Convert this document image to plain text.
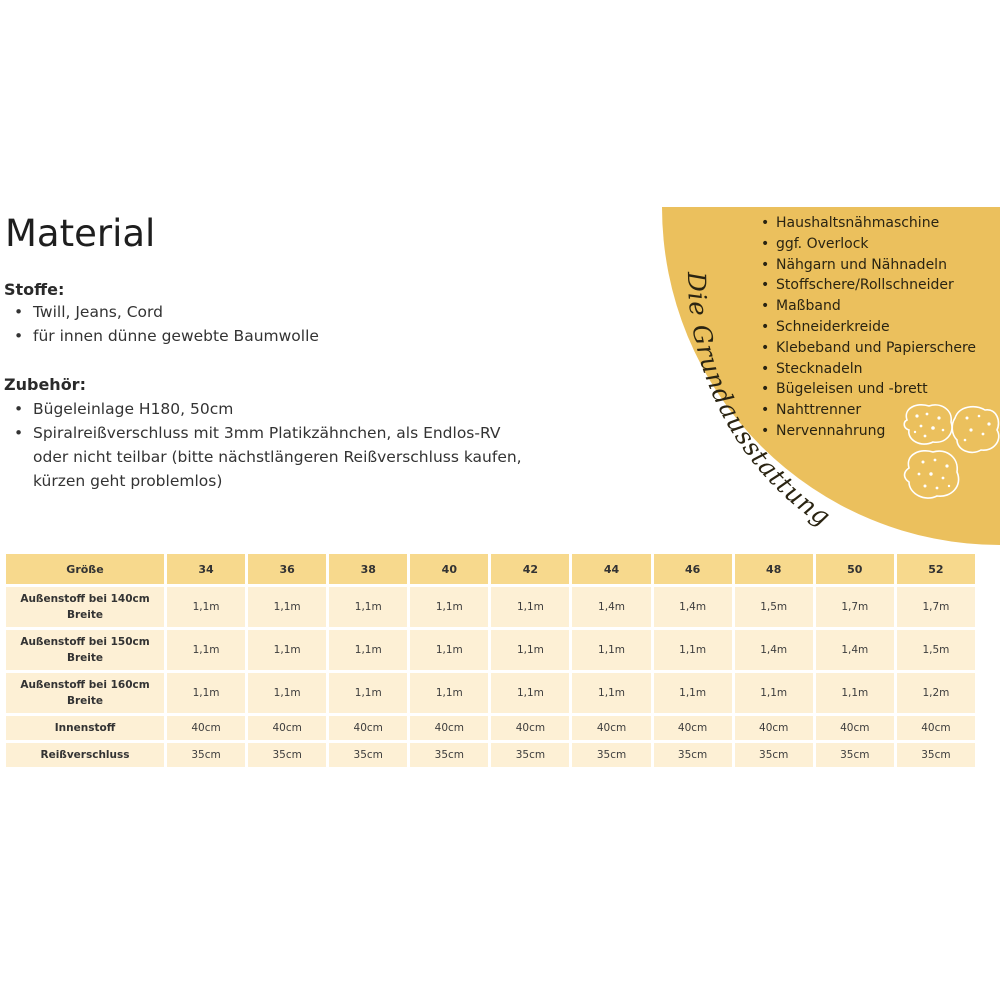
Material
Stoffe:
• Twill, Jeans, Cord
• für innen dünne gewebte Baumwolle
Zubehör:
• Bügeleinlage H180, 50cm
• Spiralreißverschluss mit 3mm Platikzähnchen, als Endlos-RV
oder nicht teilbar (bitte nächstlängeren Reißverschluss kaufen,
kürzen geht problemlos)
Die Grundausstattung
• Haushaltsnähmaschine
• ggf. Overlock
• Nähgarn und Nähnadeln
• Stoffschere/Rollschneider
• Maßband
• Schneiderkreide
• Klebeband und Papierschere
• Stecknadeln
• Bügeleisen und -brett
• Nahttrenner
• Nervennahrung
Größe	34	36	38	40	42	44	46	48	50	52

Außenstoff bei 140cm
Breite	1,1m	1,1m	1,1m	1,1m	1,1m	1,4m	1,4m	1,5m	1,7m	1,7m

Außenstoff bei 150cm
Breite	1,1m	1,1m	1,1m	1,1m	1,1m	1,1m	1,1m	1,4m	1,4m	1,5m

Außenstoff bei 160cm
Breite	1,1m	1,1m	1,1m	1,1m	1,1m	1,1m	1,1m	1,1m	1,1m	1,2m

Innenstoff	40cm	40cm	40cm	40cm	40cm	40cm	40cm	40cm	40cm	40cm

Reißverschluss	35cm	35cm	35cm	35cm	35cm	35cm	35cm	35cm	35cm	35cm
